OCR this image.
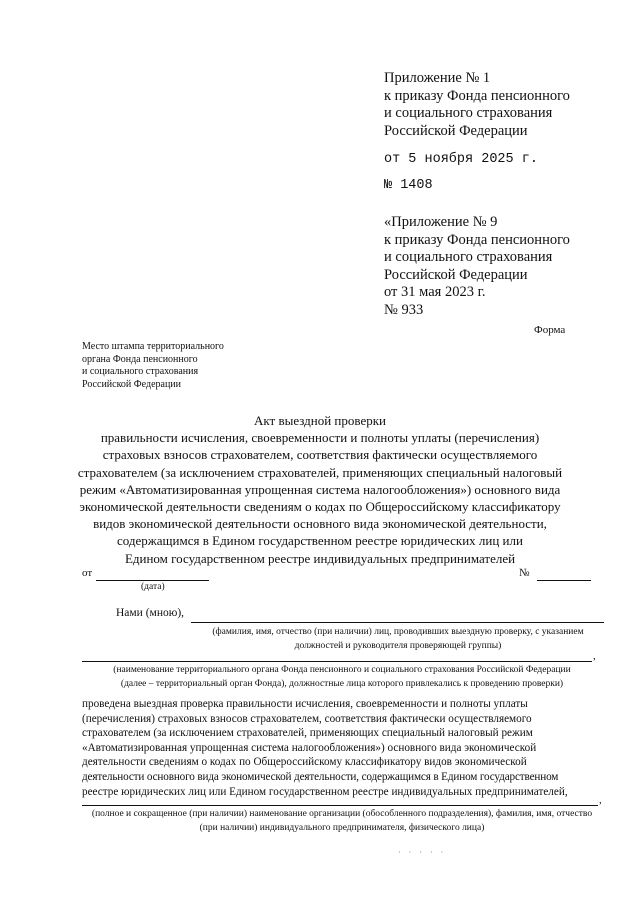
Приложение № 1
к приказу Фонда пенсионного
и социального страхования
Российской Федерации
от 5 ноября 2025 г.
№ 1408
«Приложение № 9
к приказу Фонда пенсионного
и социального страхования
Российской Федерации
от 31 мая 2023 г.
№ 933
Форма
Место штампа территориального
органа Фонда пенсионного
и социального страхования
Российской Федерации
Акт выездной проверки
правильности исчисления, своевременности и полноты уплаты (перечисления)
страховых взносов страхователем, соответствия фактически осуществляемого
страхователем (за исключением страхователей, применяющих специальный налоговый
режим «Автоматизированная упрощенная система налогообложения») основного вида
экономической деятельности сведениям о кодах по Общероссийскому классификатору
видов экономической деятельности основного вида экономической деятельности,
содержащимся в Едином государственном реестре юридических лиц или
Едином государственном реестре индивидуальных предпринимателей
от
(дата)
№
Нами (мною),
(фамилия, имя, отчество (при наличии) лиц, проводивших выездную проверку, с указанием
должностей и руководителя проверяющей группы)
,
(наименование территориального органа Фонда пенсионного и социального страхования Российской Федерации
(далее – территориальный орган Фонда), должностные лица которого привлекались к проведению проверки)
проведена выездная проверка правильности исчисления, своевременности и полноты уплаты
(перечисления) страховых взносов страхователем, соответствия фактически осуществляемого
страхователем (за исключением страхователей, применяющих специальный налоговый режим
«Автоматизированная упрощенная система налогообложения») основного вида экономической
деятельности сведениям о кодах по Общероссийскому классификатору видов экономической
деятельности основного вида экономической деятельности, содержащимся в Едином государственном
реестре юридических лиц или Едином государственном реестре индивидуальных предпринимателей,
,
(полное и сокращенное (при наличии) наименование организации (обособленного подразделения), фамилия, имя, отчество
(при наличии) индивидуального предпринимателя, физического лица)
· · · · ·
